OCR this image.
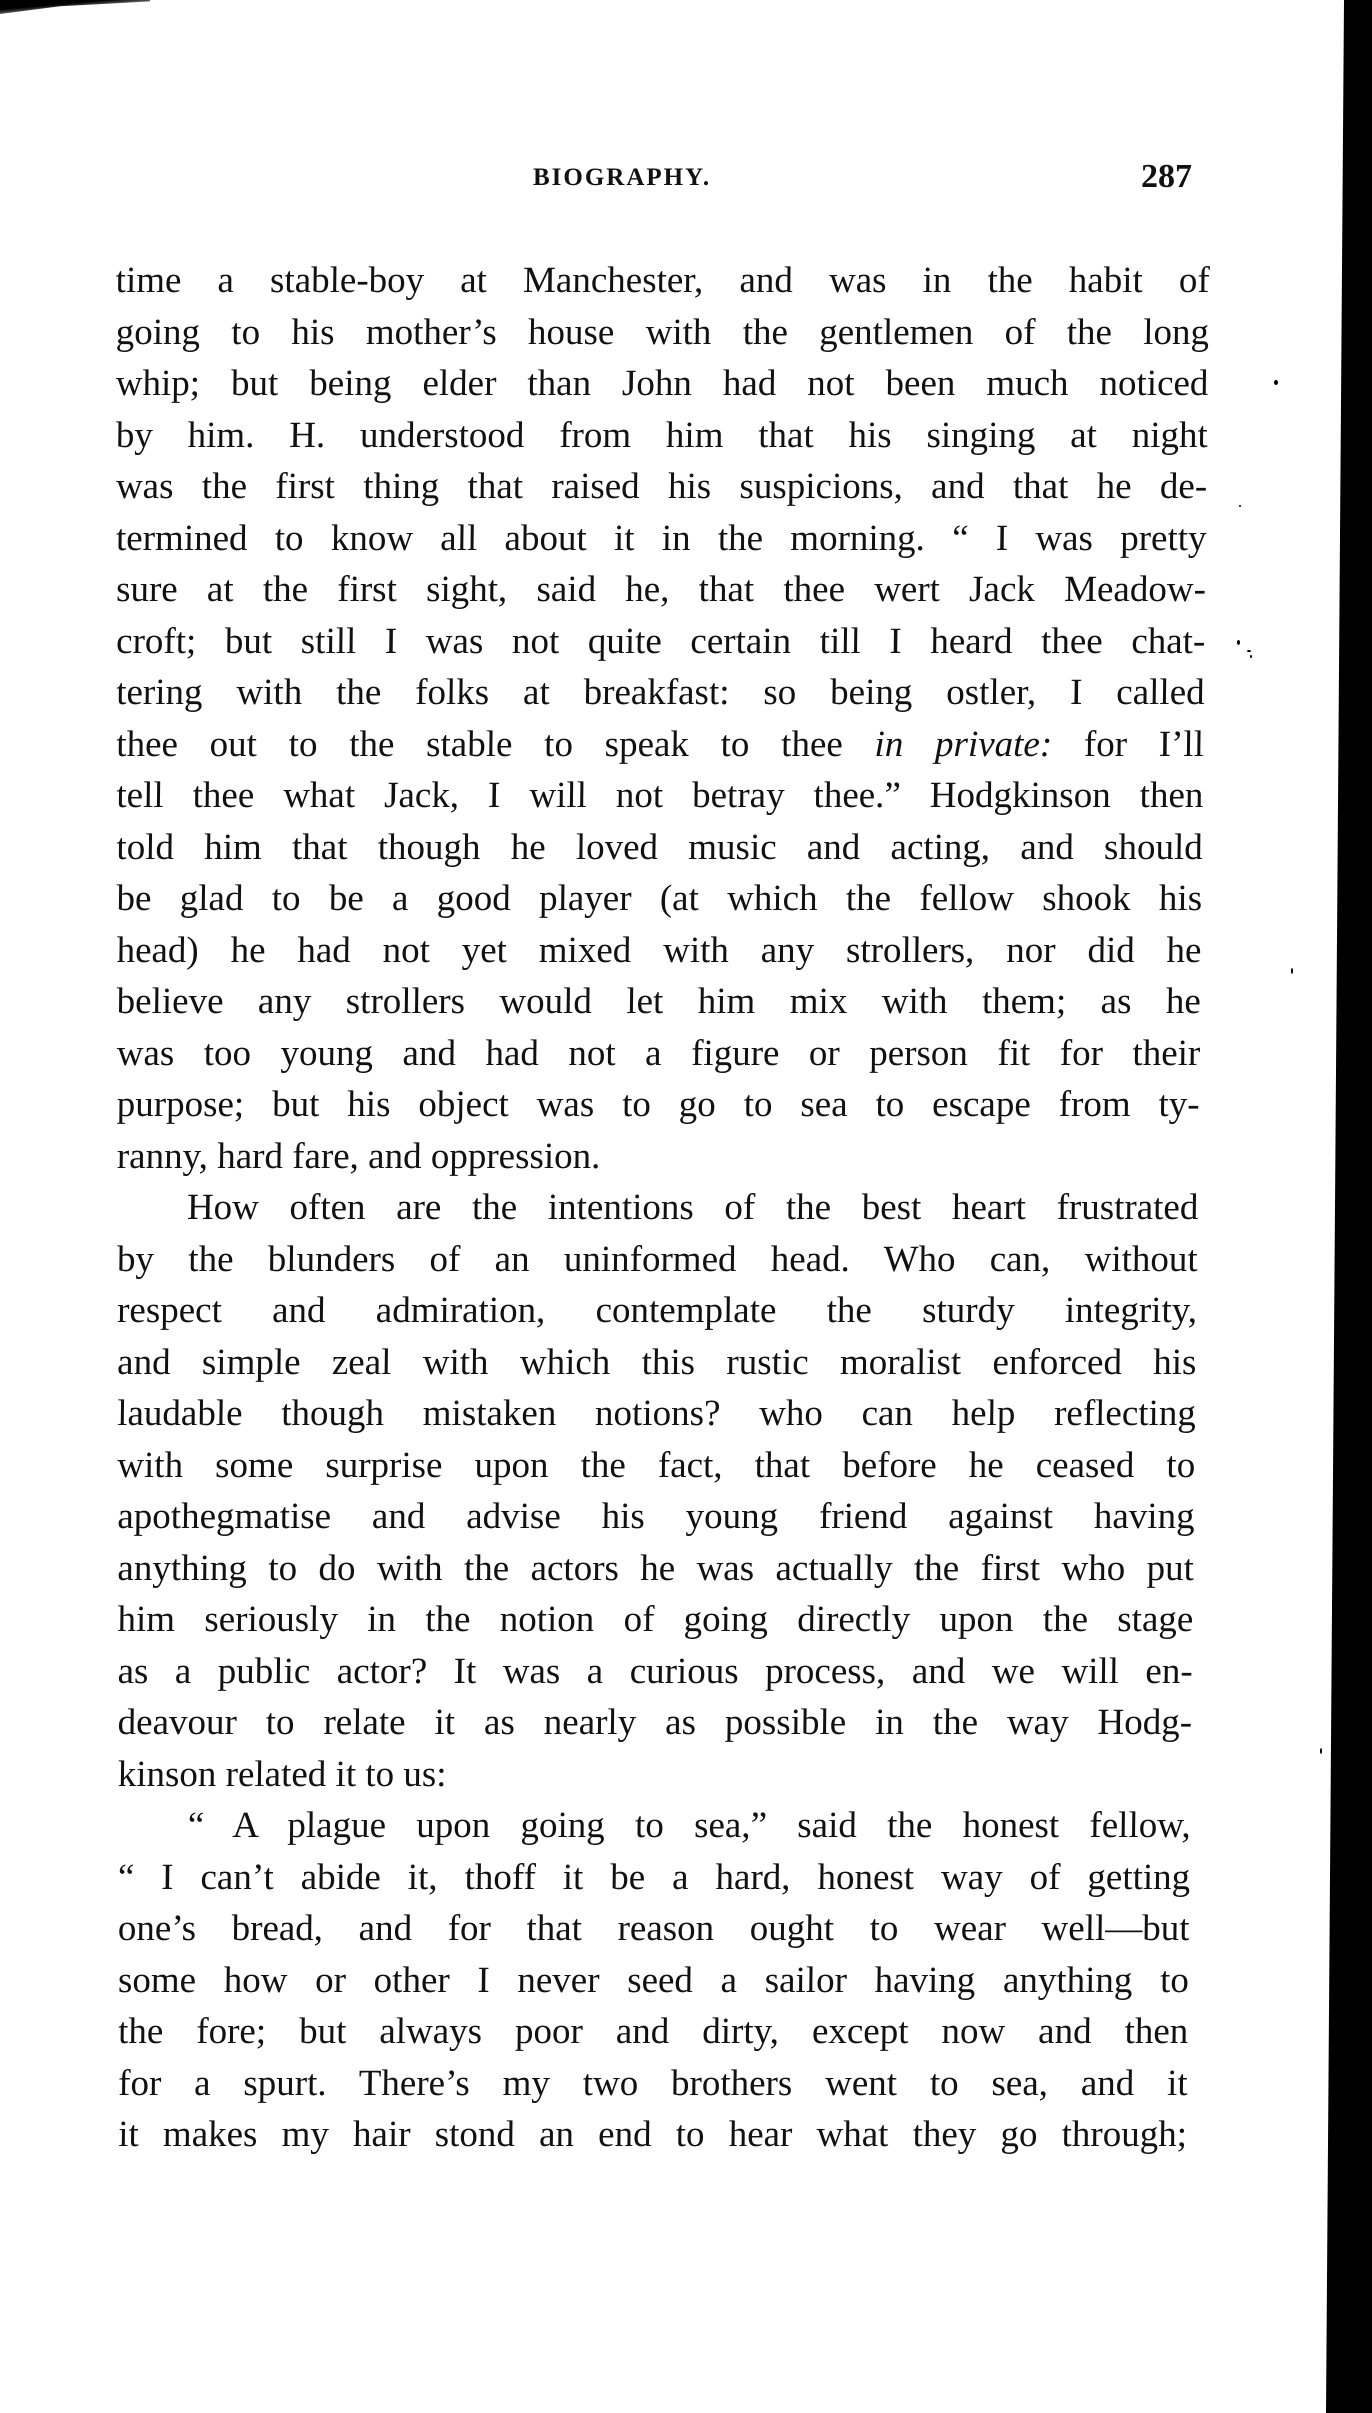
BIOGRAPHY.	287
time a stable-boy at Manchester, and was in the habit of
going to his mother’s house with the gentlemen of the long
whip; but being elder than John had not been much noticed
by him. H. understood from him that his singing at night
was the first thing that raised his suspicions, and that he de-
termined to know all about it in the morning. “ I was pretty
sure at the first sight, said he, that thee wert Jack Meadow-
croft; but still I was not quite certain till I heard thee chat-
tering with the folks at breakfast: so being ostler, I called
thee out to the stable to speak to thee in private: for I’ll
tell thee what Jack, I will not betray thee.” Hodgkinson then
told him that though he loved music and acting, and should
be glad to be a good player (at which the fellow shook his
head) he had not yet mixed with any strollers, nor did he
believe any strollers would let him mix with them; as he
was too young and had not a figure or person fit for their
purpose; but his object was to go to sea to escape from ty-
ranny, hard fare, and oppression.
How often are the intentions of the best heart frustrated
by the blunders of an uninformed head. Who can, without
respect and admiration, contemplate the sturdy integrity,
and simple zeal with which this rustic moralist enforced his
laudable though mistaken notions? who can help reflecting
with some surprise upon the fact, that before he ceased to
apothegmatise and advise his young friend against having
anything to do with the actors he was actually the first who put
him seriously in the notion of going directly upon the stage
as a public actor? It was a curious process, and we will en-
deavour to relate it as nearly as possible in the way Hodg-
kinson related it to us:
“ A plague upon going to sea,” said the honest fellow,
“ I can’t abide it, thoff it be a hard, honest way of getting
one’s bread, and for that reason ought to wear well—but
some how or other I never seed a sailor having anything to
the fore; but always poor and dirty, except now and then
for a spurt. There’s my two brothers went to sea, and it
it makes my hair stond an end to hear what they go through;
